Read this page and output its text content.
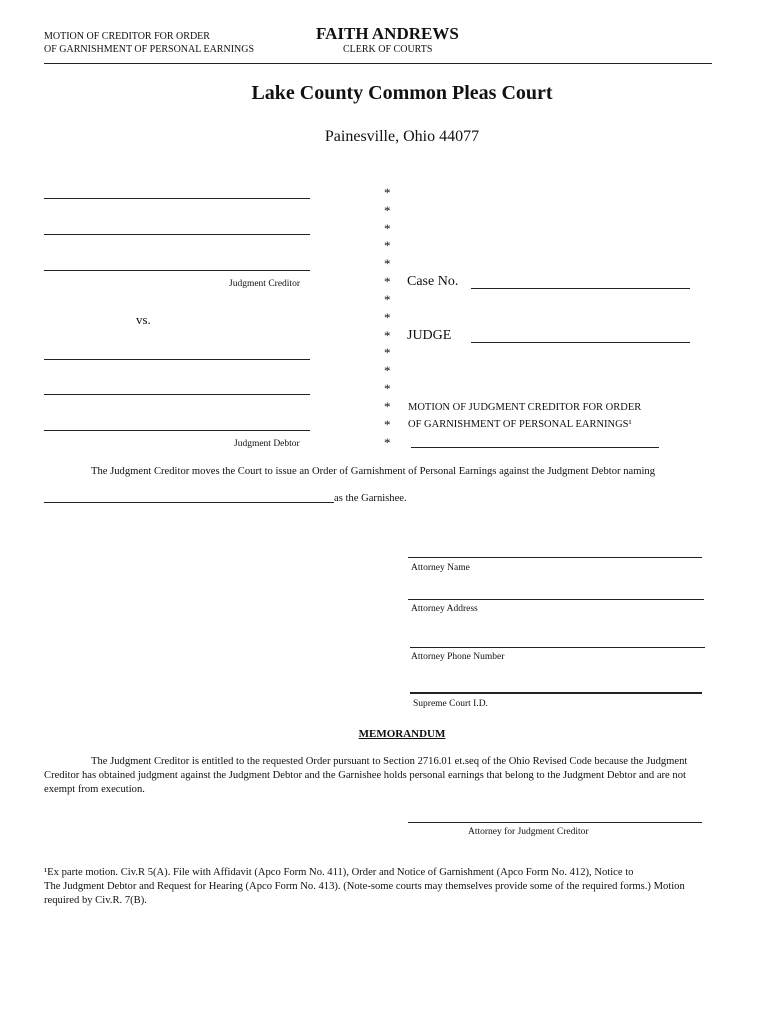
MOTION OF CREDITOR FOR ORDER
OF GARNISHMENT OF PERSONAL EARNINGS
FAITH ANDREWS
CLERK OF COURTS
Lake County Common Pleas Court
Painesville, Ohio 44077
Judgment Creditor
vs.
Judgment Debtor
*
*
*
*
*
*
*
*
*
*
*
*
*
*
*
Case No.
JUDGE
MOTION OF JUDGMENT CREDITOR FOR ORDER
OF GARNISHMENT OF PERSONAL EARNINGS¹
The Judgment Creditor moves the Court to issue an Order of Garnishment of Personal Earnings against the Judgment Debtor naming
as the Garnishee.
Attorney Name
Attorney Address
Attorney Phone Number
Supreme Court I.D.
MEMORANDUM
The Judgment Creditor is entitled to the requested Order pursuant to Section 2716.01 et.seq of the Ohio Revised Code because the Judgment
Creditor has obtained judgment against the Judgment Debtor and the Garnishee holds personal earnings that belong to the Judgment Debtor and are not
exempt from execution.
Attorney for Judgment Creditor
¹Ex parte motion. Civ.R 5(A). File with Affidavit (Apco Form No. 411), Order and Notice of Garnishment (Apco Form No. 412), Notice to
The Judgment Debtor and Request for Hearing (Apco Form No. 413). (Note-some courts may themselves provide some of the required forms.) Motion
required by Civ.R. 7(B).
